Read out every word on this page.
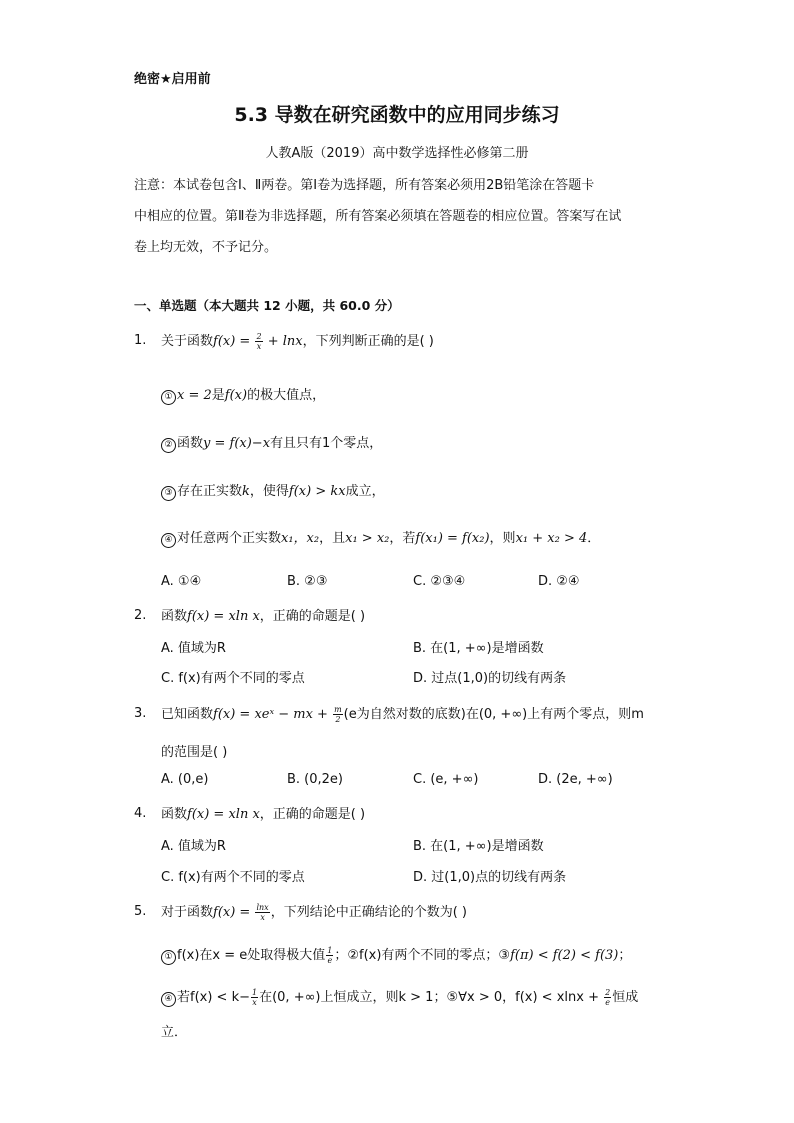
绝密★启用前
5.3 导数在研究函数中的应用同步练习
人教A版（2019）高中数学选择性必修第二册
注意：本试卷包含Ⅰ、Ⅱ两卷。第Ⅰ卷为选择题，所有答案必须用2B铅笔涂在答题卡
中相应的位置。第Ⅱ卷为非选择题，所有答案必须填在答题卷的相应位置。答案写在试
卷上均无效，不予记分。
一、单选题（本大题共 12 小题，共 60.0 分）
1. 关于函数$f(x) = \frac{2}{x} + \ln x$，下列判断正确的是( )
① x = 2是f(x)的极大值点，
② 函数y = f(x)−x有且只有1个零点，
③ 存在正实数k，使得f(x) > kx成立，
④ 对任意两个正实数x₁，x₂，且x₁ > x₂，若f(x₁) = f(x₂)，则x₁ + x₂ > 4．
A. ①④	B. ②③	C. ②③④	D. ②④
2. 函数f(x) = xln x，正确的命题是( )
A. 值域为R	B. 在(1, +∞)是增函数
C. f(x)有两个不同的零点	D. 过点(1,0)的切线有两条
3. 已知函数f(x) = xeˣ − mx + $\frac{m}{2} (e$为自然对数的底数)在(0, +∞)上有两个零点，则m
的范围是( )
A. (0,e)	B. (0,2e)	C. (e, +∞)	D. (2e, +∞)
4. 函数f(x) = xln x，正确的命题是( )
A. 值域为R	B. 在(1, +∞)是增函数
C. f(x)有两个不同的零点	D. 过(1,0)点的切线有两条
5. 对于函数$f(x) = \frac{\ln x}{x}$ ，下列结论中正确结论的个数为( )
① f(x)在x = e处取得极大值 $\frac{1}{e}$ ；②f(x)有两个不同的零点；③f(π) < f(2) < f(3)；
④ 若$f(x) < k- \frac{1}{x}$ 在(0, +∞)上恒成立，则k > 1；⑤∀x > 0，$f(x) < xlnx + \frac{2}{e}$ 恒成
立．
